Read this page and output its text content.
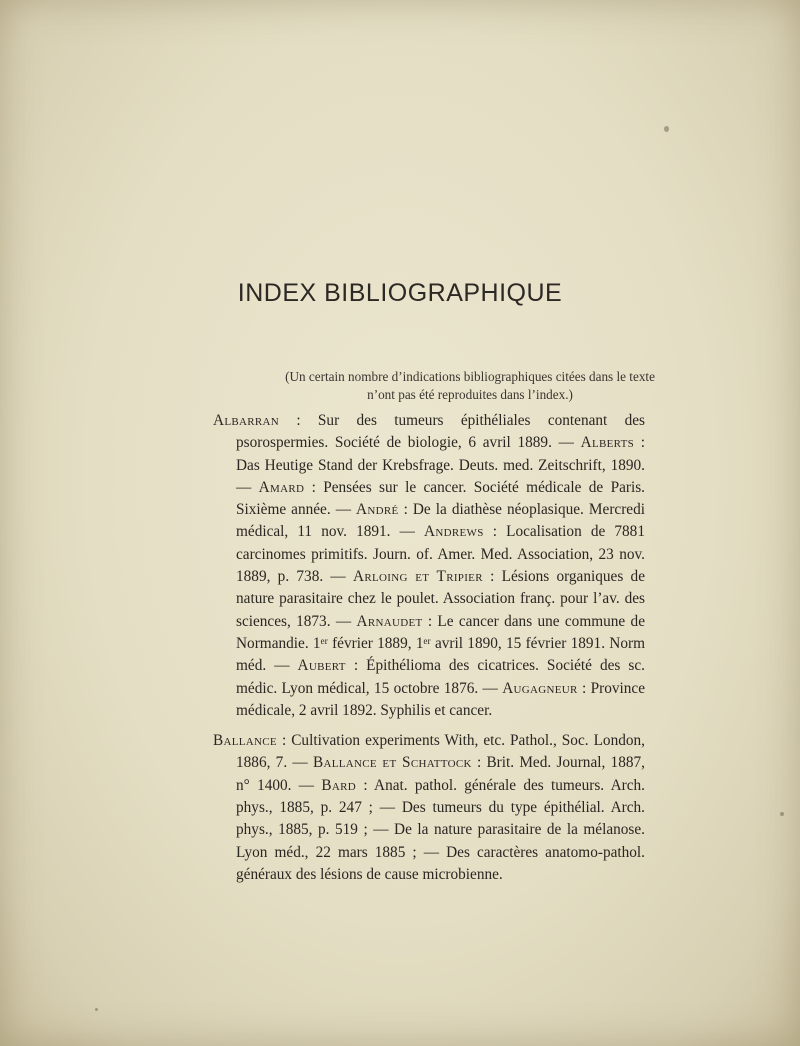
INDEX BIBLIOGRAPHIQUE
(Un certain nombre d’indications bibliographiques citées dans le texte n’ont pas été reproduites dans l’index.)

Albarran : Sur des tumeurs épithéliales contenant des psorospermies. Société de biologie, 6 avril 1889. — Alberts : Das Heutige Stand der Krebsfrage. Deuts. med. Zeitschrift, 1890. — Amard : Pensées sur le cancer. Société médicale de Paris. Sixième année. — André : De la diathèse néoplasique. Mercredi médical, 11 nov. 1891. — Andrews : Localisation de 7881 carcinomes primitifs. Journ. of. Amer. Med. Association, 23 nov. 1889, p. 738. — Arloing et Tripier : Lésions organiques de nature parasitaire chez le poulet. Association franç. pour l’av. des sciences, 1873. — Arnaudet : Le cancer dans une commune de Normandie. 1ᵉʳ février 1889, 1ᵉʳ avril 1890, 15 février 1891. Norm méd. — Aubert : Épithélioma des cicatrices. Société des sc. médic. Lyon médical, 15 octobre 1876. — Augagneur : Province médicale, 2 avril 1892. Syphilis et cancer.

Ballance : Cultivation experiments With, etc. Pathol., Soc. London, 1886, 7. — Ballance et Schattock : Brit. Med. Journal, 1887, n° 1400. — Bard : Anat. pathol. générale des tumeurs. Arch. phys., 1885, p. 247 ; — Des tumeurs du type épithélial. Arch. phys., 1885, p. 519 ; — De la nature parasitaire de la mélanose. Lyon méd., 22 mars 1885 ; — Des caractères anatomo-pathol. généraux des lésions de cause microbienne.
